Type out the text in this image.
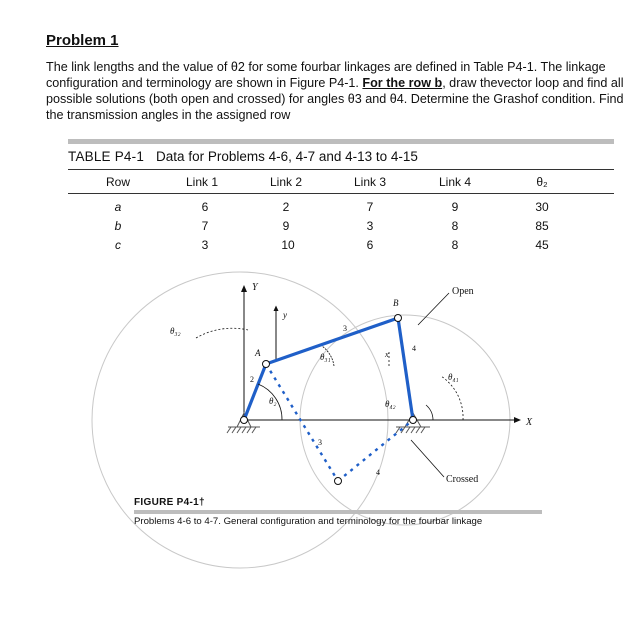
Problem 1
The link lengths and the value of θ2 for some fourbar linkages are defined in Table P4-1. The linkage configuration and terminology are shown in Figure P4-1. For the row b, draw thevector loop and find all possible solutions (both open and crossed) for angles θ3 and θ4. Determine the Grashof condition. Find the transmission angles in the assigned row
TABLE P4-1 Data for Problems 4-6, 4-7 and 4-13 to 4-15
Row	Link 1	Link 2	Link 3	Link 4	θ₂
a	6	2	7	9	30
b	7	9	3	8	85
c	3	10	6	8	45
Y
X
y
x
A
B
Open
Crossed
2
3
3
4
4
θ₂
θ₃₁
θ₃₂
θ₄₁
θ₄₂
FIGURE P4-1†
Problems 4-6 to 4-7. General configuration and terminology for the fourbar linkage
